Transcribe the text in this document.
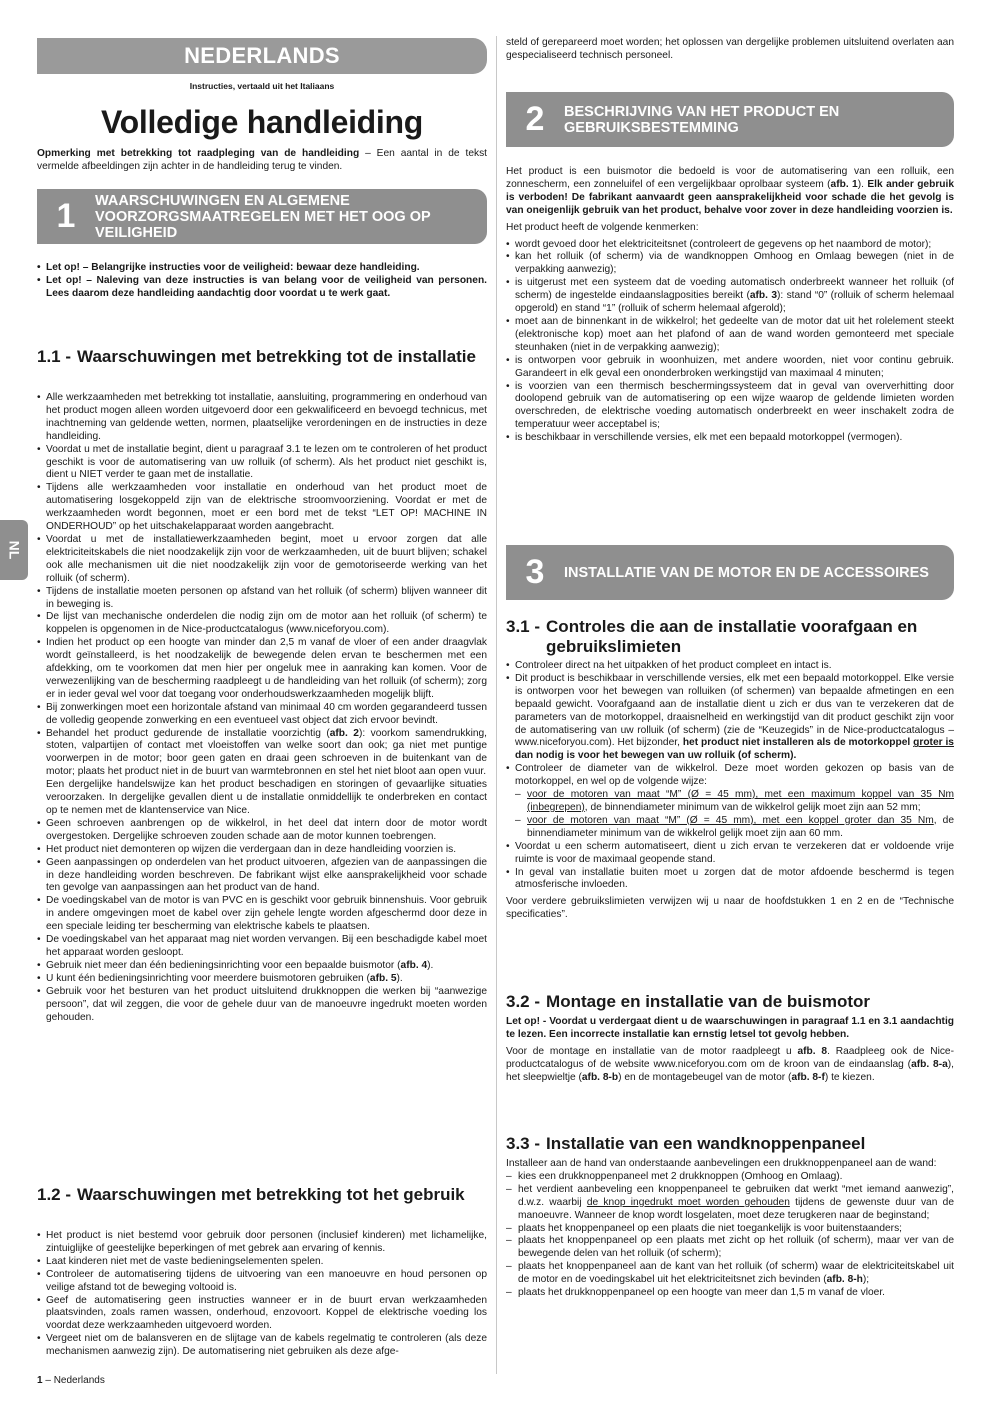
NEDERLANDS
Instructies, vertaald uit het Italiaans
Volledige handleiding
NL

Opmerking met betrekking tot raadpleging van de handleiding – Een aantal in de tekst vermelde afbeeldingen zijn achter in de handleiding terug te vinden.

1	WAARSCHUWINGEN EN ALGEMENE VOORZORGSMAATREGELEN MET HET OOG OP VEILIGHEID
• Let op! – Belangrijke instructies voor de veiligheid: bewaar deze handleiding.
• Let op! – Naleving van deze instructies is van belang voor de veiligheid van personen. Lees daarom deze handleiding aandachtig door voordat u te werk gaat.
1.1 - Waarschuwingen met betrekking tot de installatie
• Alle werkzaamheden met betrekking tot installatie, aansluiting, programmering en onderhoud van het product mogen alleen worden uitgevoerd door een gekwalificeerd en bevoegd technicus, met inachtneming van geldende wetten, normen, plaatselijke verordeningen en de instructies in deze handleiding.
• Voordat u met de installatie begint, dient u paragraaf 3.1 te lezen om te controleren of het product geschikt is voor de automatisering van uw rolluik (of scherm). Als het product niet geschikt is, dient u NIET verder te gaan met de installatie.
• Tijdens alle werkzaamheden voor installatie en onderhoud van het product moet de automatisering losgekoppeld zijn van de elektrische stroomvoorziening. Voordat er met de werkzaamheden wordt begonnen, moet er een bord met de tekst “LET OP! MACHINE IN ONDERHOUD” op het uitschakelapparaat worden aangebracht.
• Voordat u met de installatiewerkzaamheden begint, moet u ervoor zorgen dat alle elektriciteitskabels die niet noodzakelijk zijn voor de werkzaamheden, uit de buurt blijven; schakel ook alle mechanismen uit die niet noodzakelijk zijn voor de gemotoriseerde werking van het rolluik (of scherm).
• Tijdens de installatie moeten personen op afstand van het rolluik (of scherm) blijven wanneer dit in beweging is.
• De lijst van mechanische onderdelen die nodig zijn om de motor aan het rolluik (of scherm) te koppelen is opgenomen in de Nice-productcatalogus (www.niceforyou.com).
• Indien het product op een hoogte van minder dan 2,5 m vanaf de vloer of een ander draagvlak wordt geïnstalleerd, is het noodzakelijk de bewegende delen ervan te beschermen met een afdekking, om te voorkomen dat men hier per ongeluk mee in aanraking kan komen. Voor de verwezenlijking van de bescherming raadpleegt u de handleiding van het rolluik (of scherm); zorg er in ieder geval wel voor dat toegang voor onderhoudswerkzaamheden mogelijk blijft.
• Bij zonwerkingen moet een horizontale afstand van minimaal 40 cm worden gegarandeerd tussen de volledig geopende zonwerking en een eventueel vast object dat zich ervoor bevindt.
• Behandel het product gedurende de installatie voorzichtig (afb. 2): voorkom samendrukking, stoten, valpartijen of contact met vloeistoffen van welke soort dan ook; ga niet met puntige voorwerpen in de motor; boor geen gaten en draai geen schroeven in de buitenkant van de motor; plaats het product niet in de buurt van warmtebronnen en stel het niet bloot aan open vuur.
Een dergelijke handelswijze kan het product beschadigen en storingen of gevaarlijke situaties veroorzaken. In dergelijke gevallen dient u de installatie onmiddellijk te onderbreken en contact op te nemen met de klantenservice van Nice.
• Geen schroeven aanbrengen op de wikkelrol, in het deel dat intern door de motor wordt overgestoken. Dergelijke schroeven zouden schade aan de motor kunnen toebrengen.
• Het product niet demonteren op wijzen die verdergaan dan in deze handleiding voorzien is.
• Geen aanpassingen op onderdelen van het product uitvoeren, afgezien van de aanpassingen die in deze handleiding worden beschreven. De fabrikant wijst elke aansprakelijkheid voor schade ten gevolge van aanpassingen aan het product van de hand.
• De voedingskabel van de motor is van PVC en is geschikt voor gebruik binnenshuis. Voor gebruik in andere omgevingen moet de kabel over zijn gehele lengte worden afgeschermd door deze in een speciale leiding ter bescherming van elektrische kabels te plaatsen.
• De voedingskabel van het apparaat mag niet worden vervangen. Bij een beschadigde kabel moet het apparaat worden gesloopt.
• Gebruik niet meer dan één bedieningsinrichting voor een bepaalde buismotor (afb. 4).
• U kunt één bedieningsinrichting voor meerdere buismotoren gebruiken (afb. 5).
• Gebruik voor het besturen van het product uitsluitend drukknoppen die werken bij “aanwezige persoon”, dat wil zeggen, die voor de gehele duur van de manoeuvre ingedrukt moeten worden gehouden.
1.2 - Waarschuwingen met betrekking tot het gebruik
• Het product is niet bestemd voor gebruik door personen (inclusief kinderen) met lichamelijke, zintuiglijke of geestelijke beperkingen of met gebrek aan ervaring of kennis.
• Laat kinderen niet met de vaste bedieningselementen spelen.
• Controleer de automatisering tijdens de uitvoering van een manoeuvre en houd personen op veilige afstand tot de beweging voltooid is.
• Geef de automatisering geen instructies wanneer er in de buurt ervan werkzaamheden plaatsvinden, zoals ramen wassen, onderhoud, enzovoort. Koppel de elektrische voeding los voordat deze werkzaamheden uitgevoerd worden.
• Vergeet niet om de balansveren en de slijtage van de kabels regelmatig te controleren (als deze mechanismen aanwezig zijn). De automatisering niet gebruiken als deze afge-
1 – Nederlands

steld of gerepareerd moet worden; het oplossen van dergelijke problemen uitsluitend overlaten aan gespecialiseerd technisch personeel.

2	BESCHRIJVING VAN HET PRODUCT EN GEBRUIKSBESTEMMING

Het product is een buismotor die bedoeld is voor de automatisering van een rolluik, een zonnescherm, een zonneluifel of een vergelijkbaar oprolbaar systeem (afb. 1). Elk ander gebruik is verboden! De fabrikant aanvaardt geen aansprakelijkheid voor schade die het gevolg is van oneigenlijk gebruik van het product, behalve voor zover in deze handleiding voorzien is.

Het product heeft de volgende kenmerken:

• wordt gevoed door het elektriciteitsnet (controleert de gegevens op het naambord de motor);
• kan het rolluik (of scherm) via de wandknoppen Omhoog en Omlaag bewegen (niet in de verpakking aanwezig);
• is uitgerust met een systeem dat de voeding automatisch onderbreekt wanneer het rolluik (of scherm) de ingestelde eindaanslagposities bereikt (afb. 3): stand “0” (rolluik of scherm helemaal opgerold) en stand “1” (rolluik of scherm helemaal afgerold);
• moet aan de binnenkant in de wikkelrol; het gedeelte van de motor dat uit het rolelement steekt (elektronische kop) moet aan het plafond of aan de wand worden gemonteerd met speciale steunhaken (niet in de verpakking aanwezig);
• is ontworpen voor gebruik in woonhuizen, met andere woorden, niet voor continu gebruik. Garandeert in elk geval een ononderbroken werkingstijd van maximaal 4 minuten;
• is voorzien van een thermisch beschermingssysteem dat in geval van oververhitting door doolopend gebruik van de automatisering op een wijze waarop de geldende limieten worden overschreden, de elektrische voeding automatisch onderbreekt en weer inschakelt zodra de temperatuur weer acceptabel is;
• is beschikbaar in verschillende versies, elk met een bepaald motorkoppel (vermogen).
3	INSTALLATIE VAN DE MOTOR EN DE ACCESSOIRES
3.1 - Controles die aan de installatie voorafgaan en gebruikslimieten
• Controleer direct na het uitpakken of het product compleet en intact is.
• Dit product is beschikbaar in verschillende versies, elk met een bepaald motorkoppel. Elke versie is ontworpen voor het bewegen van rolluiken (of schermen) van bepaalde afmetingen en een bepaald gewicht. Voorafgaand aan de installatie dient u zich er dus van te verzekeren dat de parameters van de motorkoppel, draaisnelheid en werkingstijd van dit product geschikt zijn voor de automatisering van uw rolluik (of scherm) (zie de “Keuzegids” in de Nice-productcatalogus – www.niceforyou.com). Het bijzonder, het product niet installeren als de motorkoppel groter is dan nodig is voor het bewegen van uw rolluik (of scherm).
• Controleer de diameter van de wikkelrol. Deze moet worden gekozen op basis van de motorkoppel, en wel op de volgende wijze:
– voor de motoren van maat “M” (Ø = 45 mm), met een maximum koppel van 35 Nm (inbegrepen), de binnendiameter minimum van de wikkelrol gelijk moet zijn aan 52 mm;
– voor de motoren van maat “M” (Ø = 45 mm), met een koppel groter dan 35 Nm, de binnendiameter minimum van de wikkelrol gelijk moet zijn aan 60 mm.
• Voordat u een scherm automatiseert, dient u zich ervan te verzekeren dat er voldoende vrije ruimte is voor de maximaal geopende stand.
• In geval van installatie buiten moet u zorgen dat de motor afdoende beschermd is tegen atmosferische invloeden.

Voor verdere gebruikslimieten verwijzen wij u naar de hoofdstukken 1 en 2 en de “Technische specificaties”.

3.2 - Montage en installatie van de buismotor

Let op! - Voordat u verdergaat dient u de waarschuwingen in paragraaf 1.1 en 3.1 aandachtig te lezen. Een incorrecte installatie kan ernstig letsel tot gevolg hebben.

Voor de montage en installatie van de motor raadpleegt u afb. 8. Raadpleeg ook de Nice-productcatalogus of de website www.niceforyou.com om de kroon van de eindaanslag (afb. 8-a), het sleepwieltje (afb. 8-b) en de montagebeugel van de motor (afb. 8-f) te kiezen.

3.3 - Installatie van een wandknoppenpaneel

Installeer aan de hand van onderstaande aanbevelingen een drukknoppenpaneel aan de wand:

– kies een drukknoppenpaneel met 2 drukknoppen (Omhoog en Omlaag).
– het verdient aanbeveling een knoppenpaneel te gebruiken dat werkt “met iemand aanwezig”, d.w.z. waarbij de knop ingedrukt moet worden gehouden tijdens de gewenste duur van de manoeuvre. Wanneer de knop wordt losgelaten, moet deze terugkeren naar de beginstand;
– plaats het knoppenpaneel op een plaats die niet toegankelijk is voor buitenstaanders;
– plaats het knoppenpaneel op een plaats met zicht op het rolluik (of scherm), maar ver van de bewegende delen van het rolluik (of scherm);
– plaats het knoppenpaneel aan de kant van het rolluik (of scherm) waar de elektriciteitskabel uit de motor en de voedingskabel uit het elektriciteitsnet zich bevinden (afb. 8-h);
– plaats het drukknoppenpaneel op een hoogte van meer dan 1,5 m vanaf de vloer.
